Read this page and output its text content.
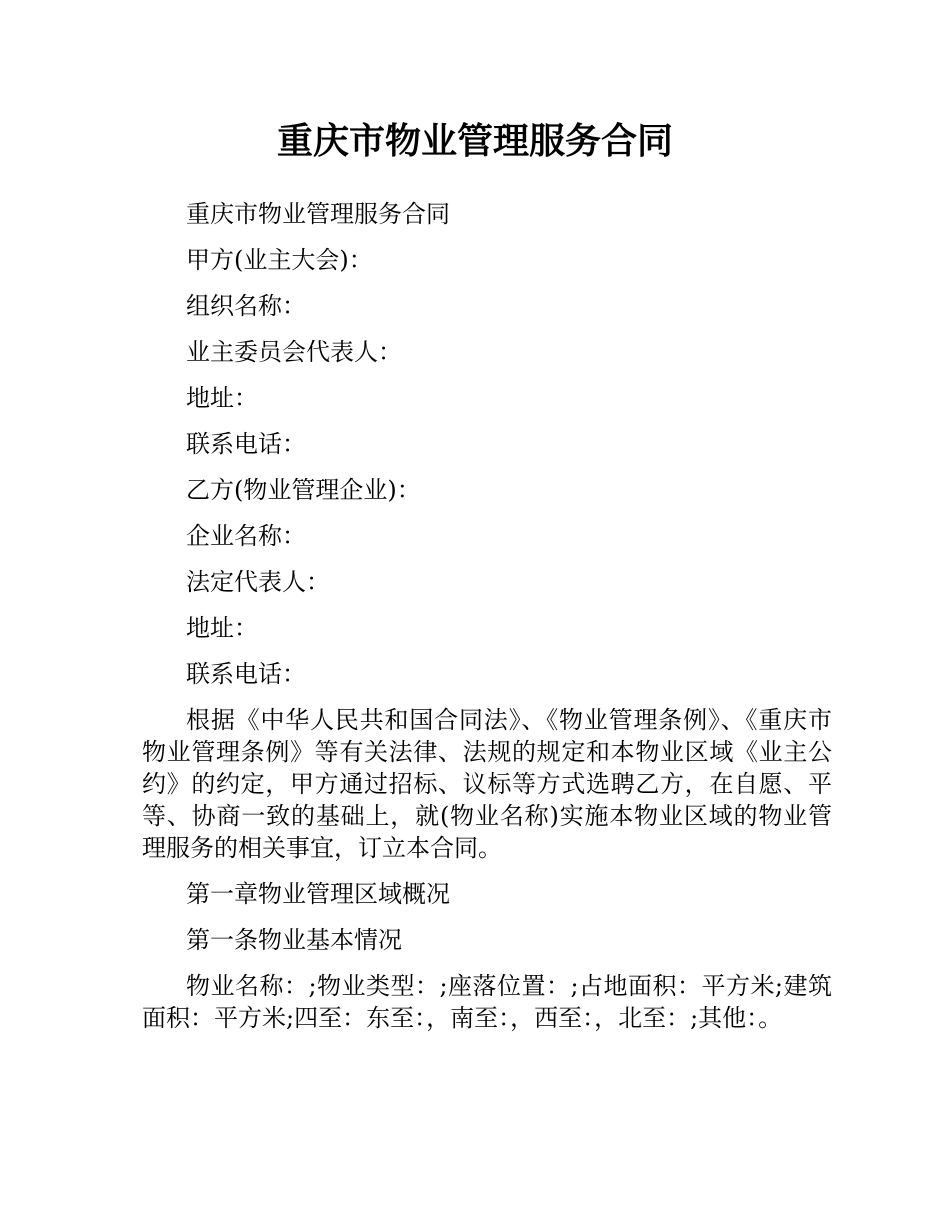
重庆市物业管理服务合同

重庆市物业管理服务合同

甲方(业主大会)：

组织名称：

业主委员会代表人：

地址：

联系电话：

乙方(物业管理企业)：

企业名称：

法定代表人：

地址：

联系电话：

根据《中华人民共和国合同法》、《物业管理条例》、《重庆市物业管理条例》等有关法律、法规的规定和本物业区域《业主公约》的约定，甲方通过招标、议标等方式选聘乙方，在自愿、平等、协商一致的基础上，就(物业名称)实施本物业区域的物业管理服务的相关事宜，订立本合同。

第一章物业管理区域概况

第一条物业基本情况

物业名称：;物业类型：;座落位置：;占地面积：平方米;建筑面积：平方米;四至：东至：，南至：，西至：，北至：;其他：。
